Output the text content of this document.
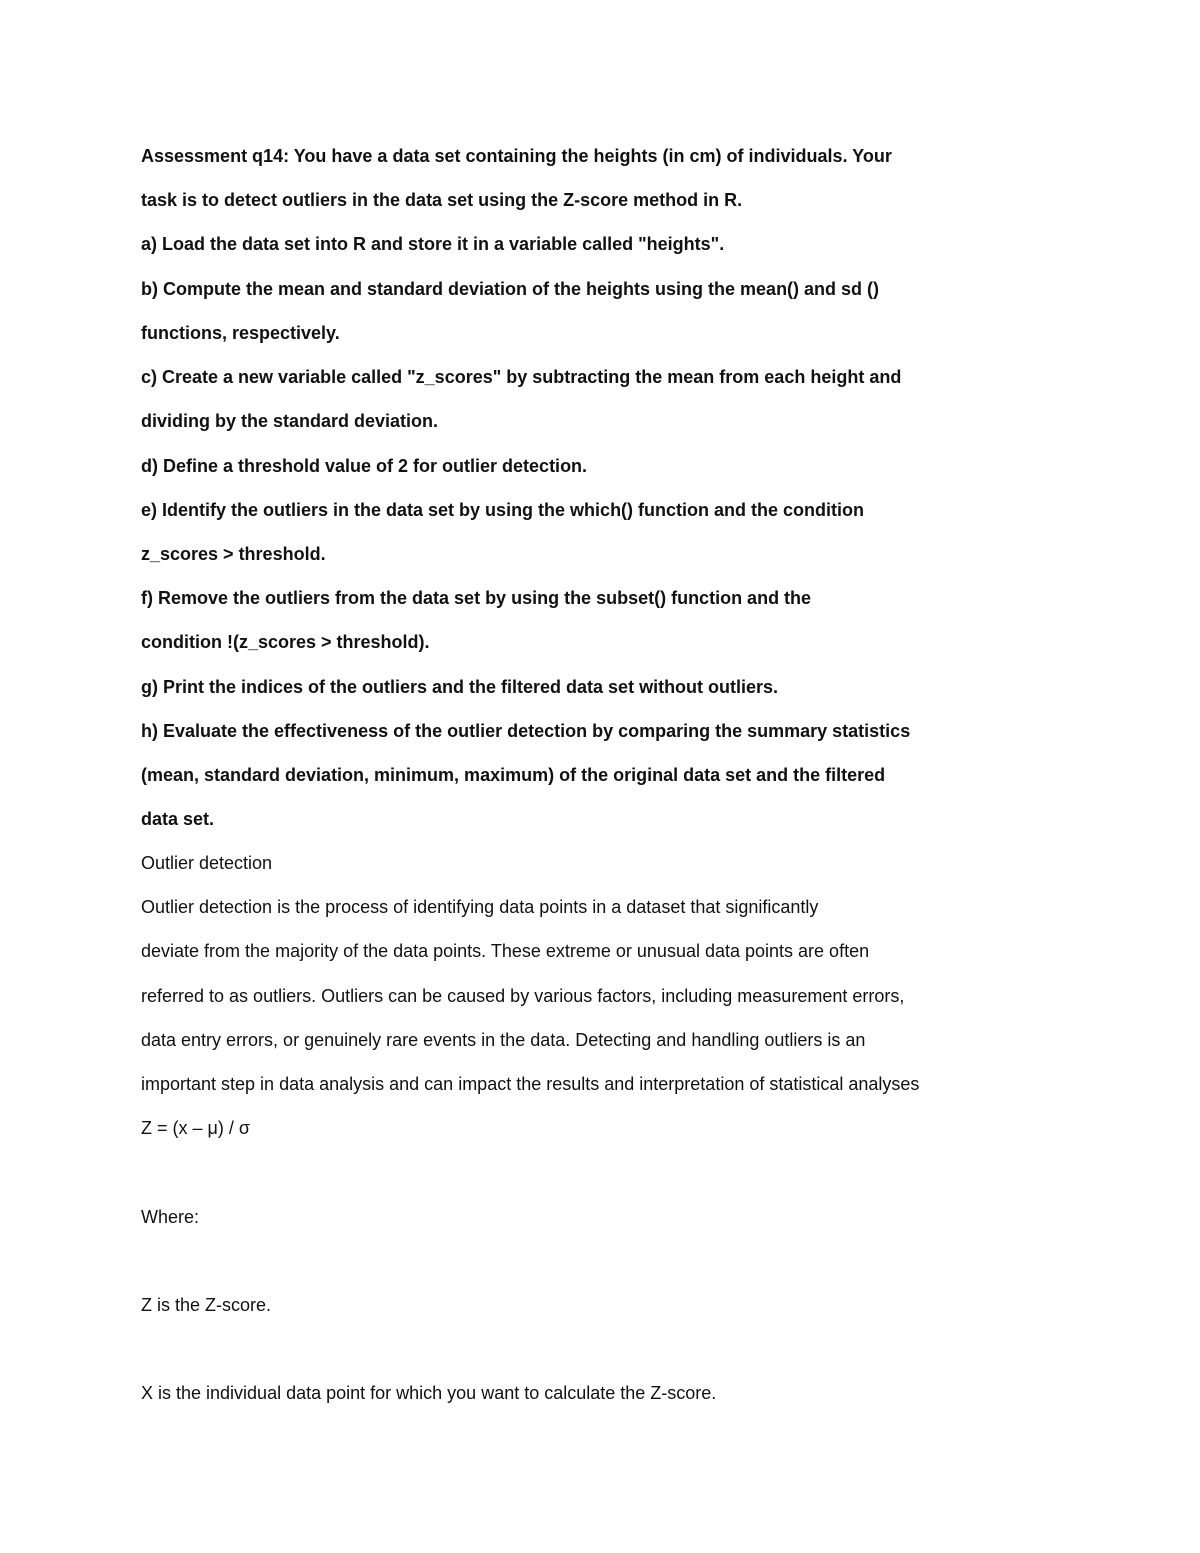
Assessment q14: You have a data set containing the heights (in cm) of individuals. Your

task is to detect outliers in the data set using the Z-score method in R.

a) Load the data set into R and store it in a variable called "heights".

b) Compute the mean and standard deviation of the heights using the mean() and sd ()

functions, respectively.

c) Create a new variable called "z_scores" by subtracting the mean from each height and

dividing by the standard deviation.

d) Define a threshold value of 2 for outlier detection.

e) Identify the outliers in the data set by using the which() function and the condition

z_scores > threshold.

f) Remove the outliers from the data set by using the subset() function and the

condition !(z_scores > threshold).

g) Print the indices of the outliers and the filtered data set without outliers.

h) Evaluate the effectiveness of the outlier detection by comparing the summary statistics

(mean, standard deviation, minimum, maximum) of the original data set and the filtered

data set.

Outlier detection

Outlier detection is the process of identifying data points in a dataset that significantly

deviate from the majority of the data points. These extreme or unusual data points are often

referred to as outliers. Outliers can be caused by various factors, including measurement errors,

data entry errors, or genuinely rare events in the data. Detecting and handling outliers is an

important step in data analysis and can impact the results and interpretation of statistical analyses

Z = (x – μ) / σ

Where:

Z is the Z-score.

X is the individual data point for which you want to calculate the Z-score.
